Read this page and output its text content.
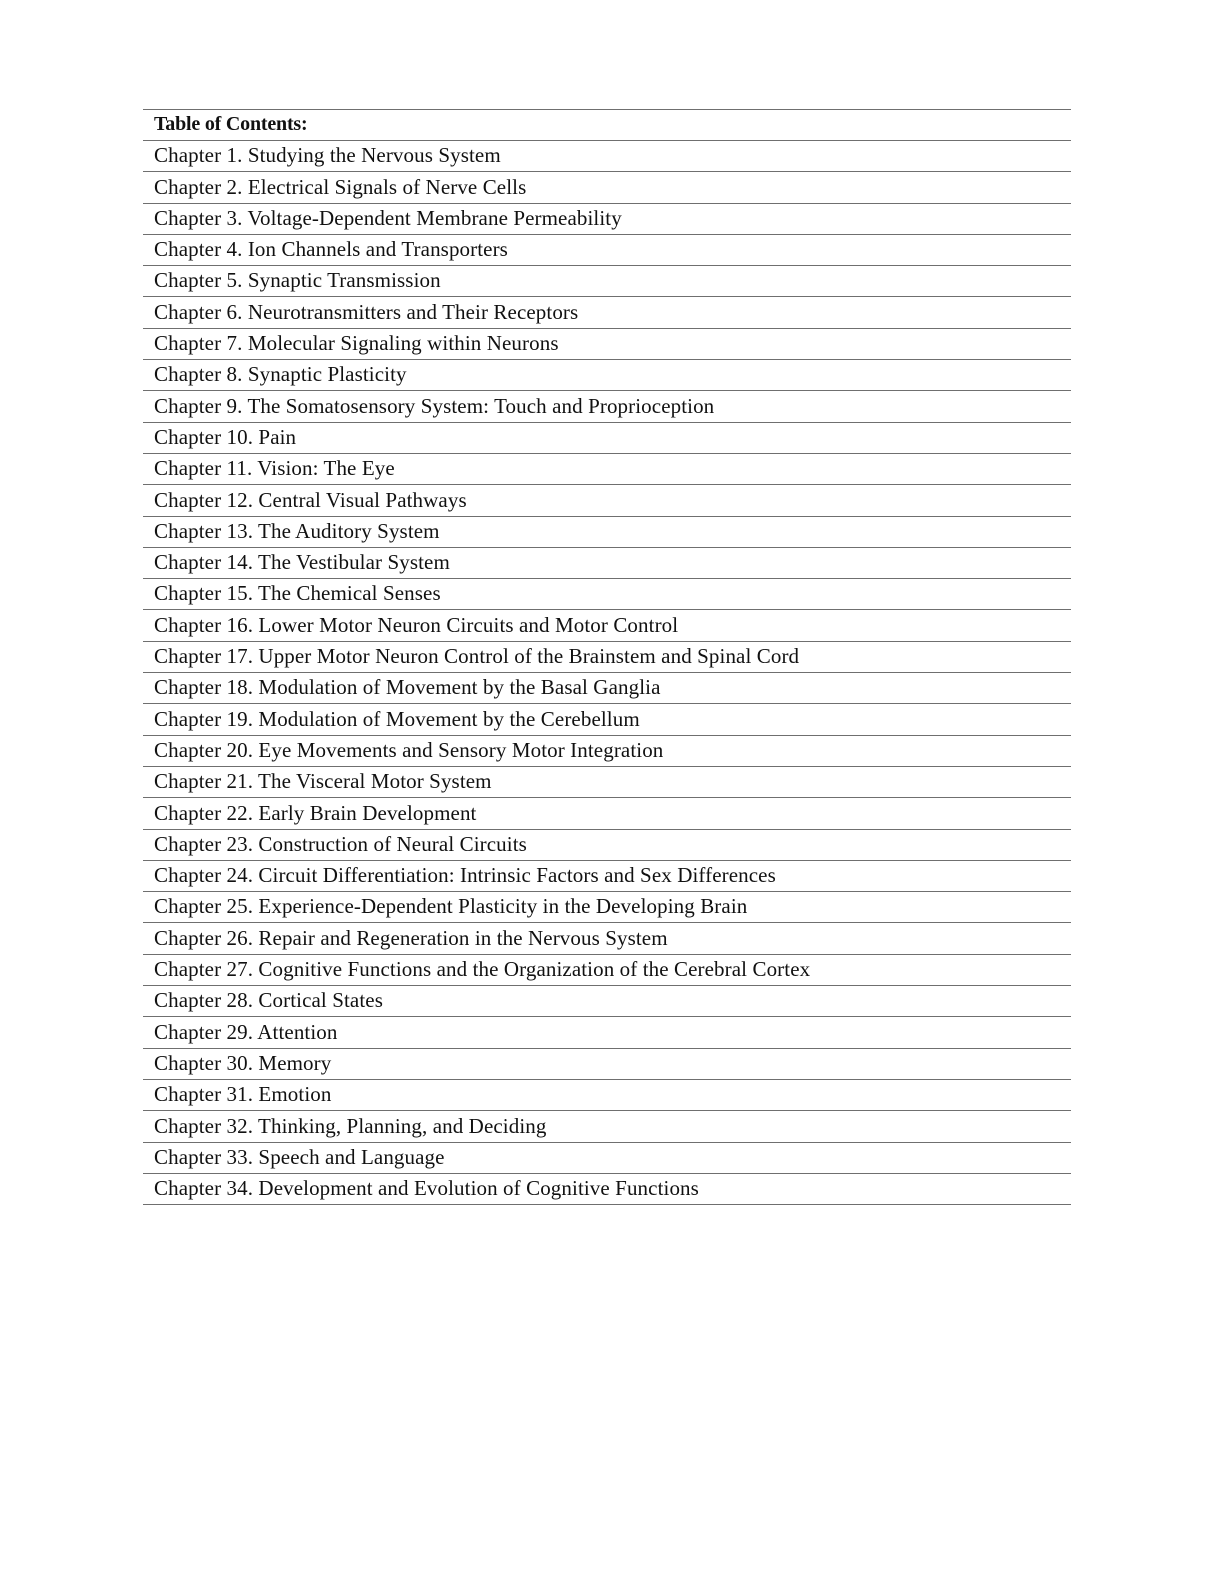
Table of Contents:
Chapter 1. Studying the Nervous System
Chapter 2. Electrical Signals of Nerve Cells
Chapter 3. Voltage-Dependent Membrane Permeability
Chapter 4. Ion Channels and Transporters
Chapter 5. Synaptic Transmission
Chapter 6. Neurotransmitters and Their Receptors
Chapter 7. Molecular Signaling within Neurons
Chapter 8. Synaptic Plasticity
Chapter 9. The Somatosensory System: Touch and Proprioception
Chapter 10. Pain
Chapter 11. Vision: The Eye
Chapter 12. Central Visual Pathways
Chapter 13. The Auditory System
Chapter 14. The Vestibular System
Chapter 15. The Chemical Senses
Chapter 16. Lower Motor Neuron Circuits and Motor Control
Chapter 17. Upper Motor Neuron Control of the Brainstem and Spinal Cord
Chapter 18. Modulation of Movement by the Basal Ganglia
Chapter 19. Modulation of Movement by the Cerebellum
Chapter 20. Eye Movements and Sensory Motor Integration
Chapter 21. The Visceral Motor System
Chapter 22. Early Brain Development
Chapter 23. Construction of Neural Circuits
Chapter 24. Circuit Differentiation: Intrinsic Factors and Sex Differences
Chapter 25. Experience-Dependent Plasticity in the Developing Brain
Chapter 26. Repair and Regeneration in the Nervous System
Chapter 27. Cognitive Functions and the Organization of the Cerebral Cortex
Chapter 28. Cortical States
Chapter 29. Attention
Chapter 30. Memory
Chapter 31. Emotion
Chapter 32. Thinking, Planning, and Deciding
Chapter 33. Speech and Language
Chapter 34. Development and Evolution of Cognitive Functions
